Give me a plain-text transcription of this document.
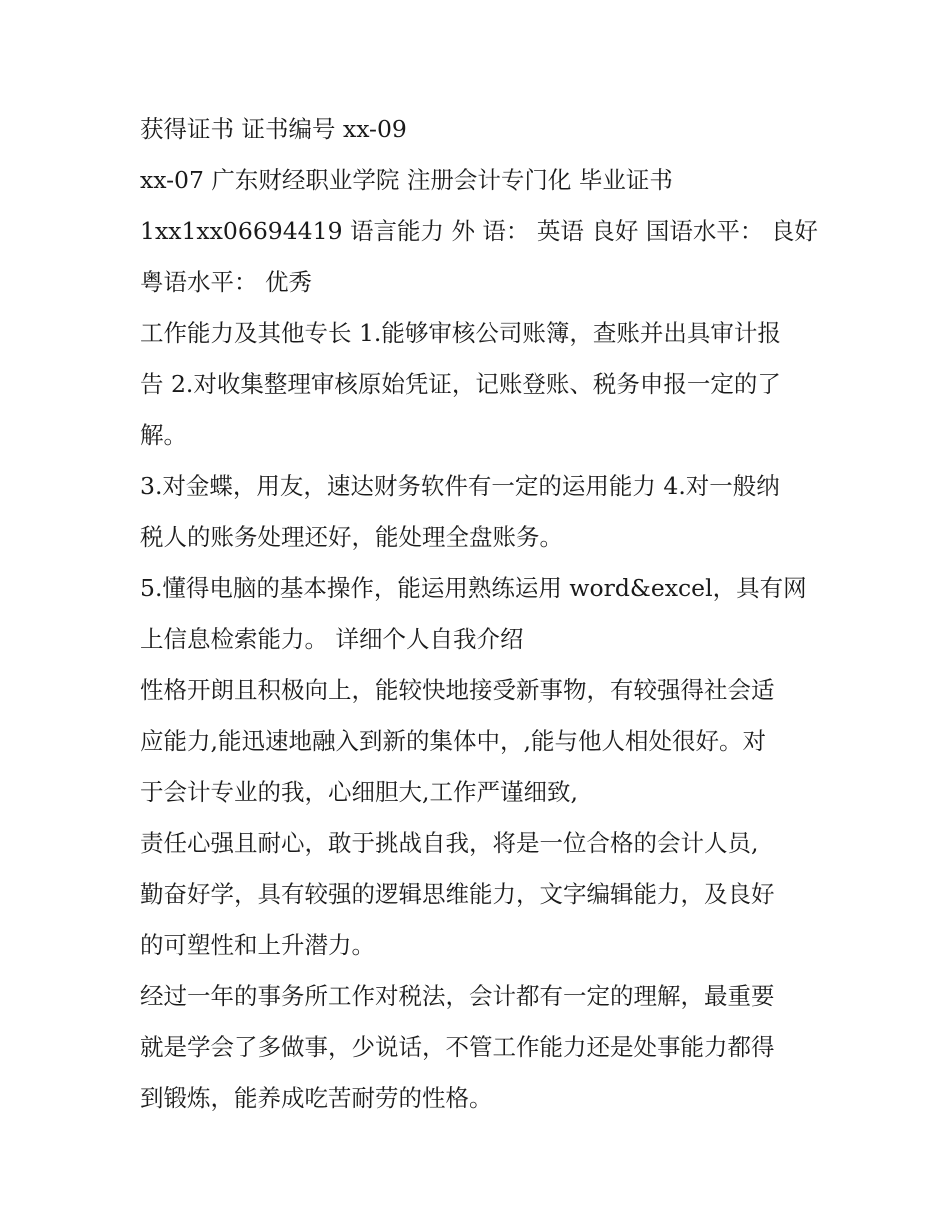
获得证书 证书编号 xx-09
xx-07 广东财经职业学院 注册会计专门化 毕业证书
1xx1xx06694419 语言能力 外 语： 英语 良好 国语水平： 良好
粤语水平： 优秀
工作能力及其他专长 1.能够审核公司账簿，查账并出具审计报
告 2.对收集整理审核原始凭证，记账登账、税务申报一定的了
解。
3.对金蝶，用友，速达财务软件有一定的运用能力 4.对一般纳
税人的账务处理还好，能处理全盘账务。
5.懂得电脑的基本操作，能运用熟练运用 word&excel，具有网
上信息检索能力。 详细个人自我介绍
性格开朗且积极向上，能较快地接受新事物，有较强得社会适
应能力,能迅速地融入到新的集体中，,能与他人相处很好。对
于会计专业的我，心细胆大,工作严谨细致,
责任心强且耐心，敢于挑战自我，将是一位合格的会计人员,
勤奋好学，具有较强的逻辑思维能力，文字编辑能力，及良好
的可塑性和上升潜力。
经过一年的事务所工作对税法，会计都有一定的理解，最重要
就是学会了多做事，少说话，不管工作能力还是处事能力都得
到锻炼，能养成吃苦耐劳的性格。
